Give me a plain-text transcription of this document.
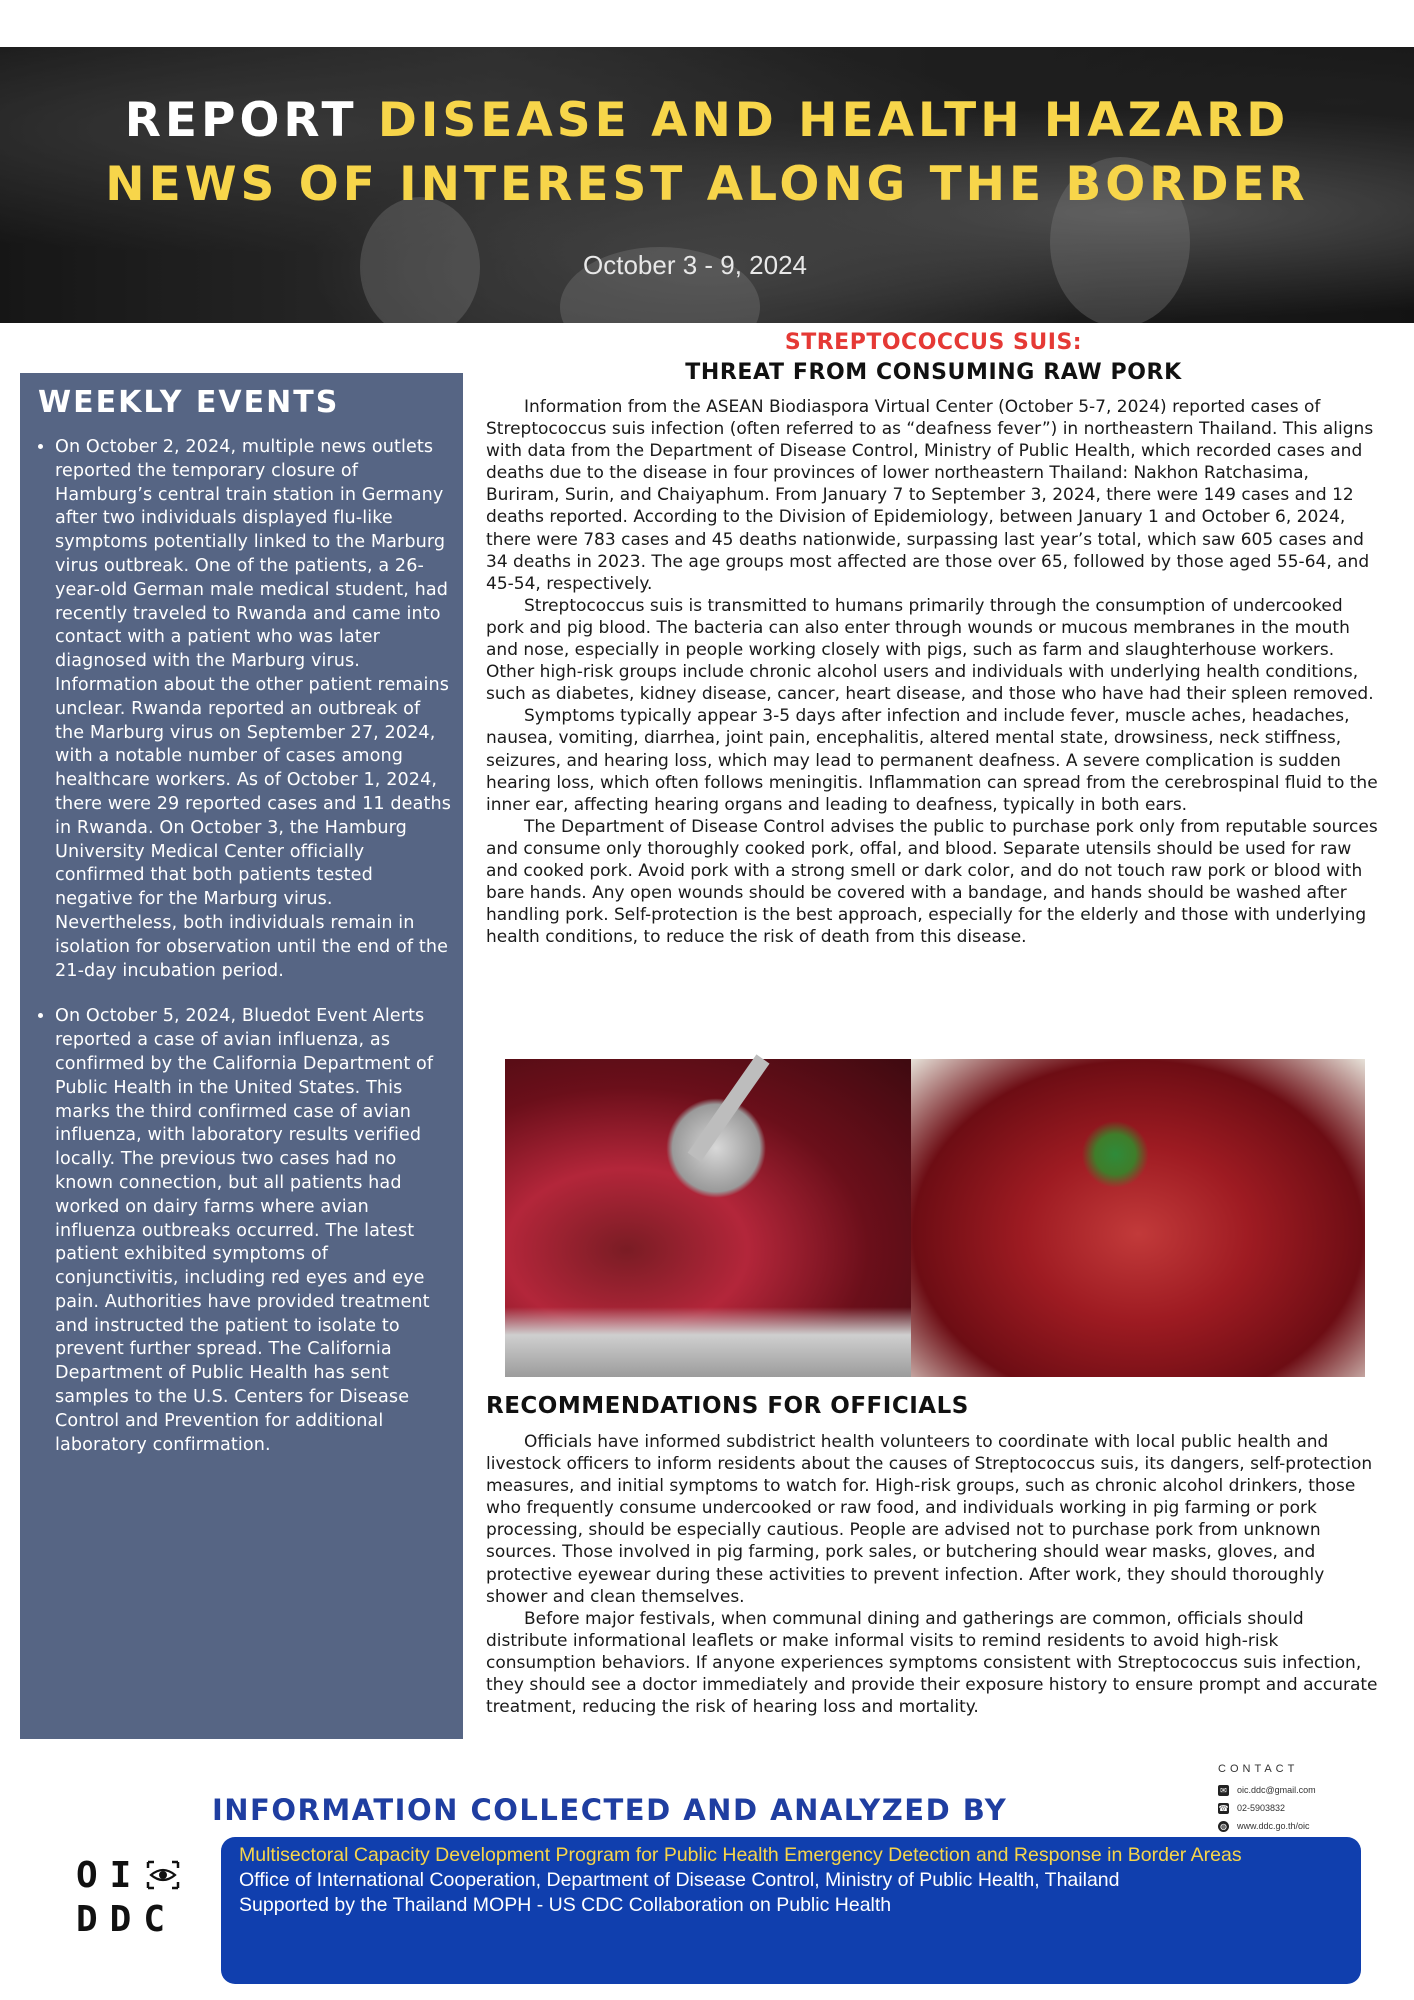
REPORT DISEASE AND HEALTH HAZARD
NEWS OF INTEREST ALONG THE BORDER
October 3 - 9, 2024
WEEKLY EVENTS
• On October 2, 2024, multiple news outlets reported the temporary closure of Hamburg’s central train station in Germany after two individuals displayed flu-like symptoms potentially linked to the Marburg virus outbreak. One of the patients, a 26-year-old German male medical student, had recently traveled to Rwanda and came into contact with a patient who was later diagnosed with the Marburg virus. Information about the other patient remains unclear. Rwanda reported an outbreak of the Marburg virus on September 27, 2024, with a notable number of cases among healthcare workers. As of October 1, 2024, there were 29 reported cases and 11 deaths in Rwanda. On October 3, the Hamburg University Medical Center officially confirmed that both patients tested negative for the Marburg virus. Nevertheless, both individuals remain in isolation for observation until the end of the 21-day incubation period.
• On October 5, 2024, Bluedot Event Alerts reported a case of avian influenza, as confirmed by the California Department of Public Health in the United States. This marks the third confirmed case of avian influenza, with laboratory results verified locally. The previous two cases had no known connection, but all patients had worked on dairy farms where avian influenza outbreaks occurred. The latest patient exhibited symptoms of conjunctivitis, including red eyes and eye pain. Authorities have provided treatment and instructed the patient to isolate to prevent further spread. The California Department of Public Health has sent samples to the U.S. Centers for Disease Control and Prevention for additional laboratory confirmation.

STREPTOCOCCUS SUIS:

THREAT FROM CONSUMING RAW PORK

Information from the ASEAN Biodiaspora Virtual Center (October 5-7, 2024) reported cases of Streptococcus suis infection (often referred to as “deafness fever”) in northeastern Thailand. This aligns with data from the Department of Disease Control, Ministry of Public Health, which recorded cases and deaths due to the disease in four provinces of lower northeastern Thailand: Nakhon Ratchasima, Buriram, Surin, and Chaiyaphum. From January 7 to September 3, 2024, there were 149 cases and 12 deaths reported. According to the Division of Epidemiology, between January 1 and October 6, 2024, there were 783 cases and 45 deaths nationwide, surpassing last year’s total, which saw 605 cases and 34 deaths in 2023. The age groups most affected are those over 65, followed by those aged 55-64, and 45-54, respectively.

Streptococcus suis is transmitted to humans primarily through the consumption of undercooked pork and pig blood. The bacteria can also enter through wounds or mucous membranes in the mouth and nose, especially in people working closely with pigs, such as farm and slaughterhouse workers. Other high-risk groups include chronic alcohol users and individuals with underlying health conditions, such as diabetes, kidney disease, cancer, heart disease, and those who have had their spleen removed.

Symptoms typically appear 3-5 days after infection and include fever, muscle aches, headaches, nausea, vomiting, diarrhea, joint pain, encephalitis, altered mental state, drowsiness, neck stiffness, seizures, and hearing loss, which may lead to permanent deafness. A severe complication is sudden hearing loss, which often follows meningitis. Inflammation can spread from the cerebrospinal fluid to the inner ear, affecting hearing organs and leading to deafness, typically in both ears.

The Department of Disease Control advises the public to purchase pork only from reputable sources and consume only thoroughly cooked pork, offal, and blood. Separate utensils should be used for raw and cooked pork. Avoid pork with a strong smell or dark color, and do not touch raw pork or blood with bare hands. Any open wounds should be covered with a bandage, and hands should be washed after handling pork. Self-protection is the best approach, especially for the elderly and those with underlying health conditions, to reduce the risk of death from this disease.

RECOMMENDATIONS FOR OFFICIALS

Officials have informed subdistrict health volunteers to coordinate with local public health and livestock officers to inform residents about the causes of Streptococcus suis, its dangers, self-protection measures, and initial symptoms to watch for. High-risk groups, such as chronic alcohol drinkers, those who frequently consume undercooked or raw food, and individuals working in pig farming or pork processing, should be especially cautious. People are advised not to purchase pork from unknown sources. Those involved in pig farming, pork sales, or butchering should wear masks, gloves, and protective eyewear during these activities to prevent infection. After work, they should thoroughly shower and clean themselves.

Before major festivals, when communal dining and gatherings are common, officials should distribute informational leaflets or make informal visits to remind residents to avoid high-risk consumption behaviors. If anyone experiences symptoms consistent with Streptococcus suis infection, they should see a doctor immediately and provide their exposure history to ensure prompt and accurate treatment, reducing the risk of hearing loss and mortality.

CONTACT
✉ oic.ddc@gmail.com
☎ 02-5903832
◍ www.ddc.go.th/oic
INFORMATION COLLECTED AND ANALYZED BY
OI
DDC
Multisectoral Capacity Development Program for Public Health Emergency Detection and Response in Border Areas
Office of International Cooperation, Department of Disease Control, Ministry of Public Health, Thailand
Supported by the Thailand MOPH - US CDC Collaboration on Public Health
